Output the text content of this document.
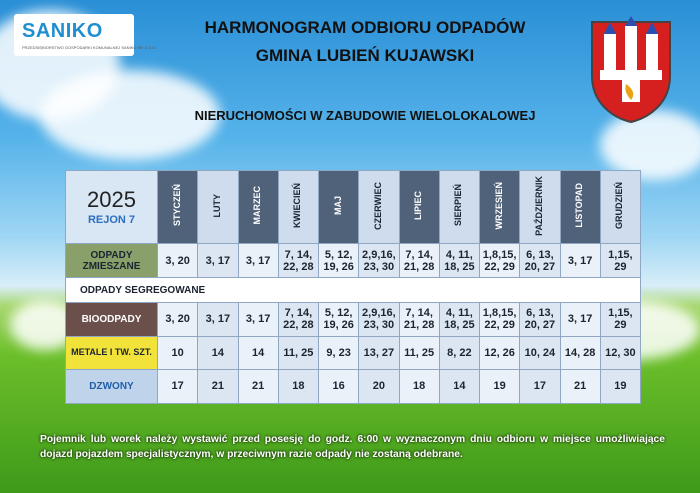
SANIKO
PRZEDSIĘBIORSTWO GOSPODARKI KOMUNALNEJ SANIKO SP. Z O.O.
HARMONOGRAM ODBIORU ODPADÓW
GMINA LUBIEŃ KUJAWSKI
NIERUCHOMOŚCI W ZABUDOWIE WIELOLOKALOWEJ
2025
REJON 7	STYCZEŃ	LUTY	MARZEC	KWIECIEŃ	MAJ	CZERWIEC	LIPIEC	SIERPIEŃ	WRZESIEŃ	PAŹDZIERNIK	LISTOPAD	GRUDZIEŃ
ODPADY ZMIESZANE	3, 20	3, 17	3, 17	7, 14, 22, 28	5, 12, 19, 26	2,9,16, 23, 30	7, 14, 21, 28	4, 11, 18, 25	1,8,15, 22, 29	6, 13, 20, 27	3, 17	1,15, 29
ODPADY SEGREGOWANE												
BIOODPADY	3, 20	3, 17	3, 17	7, 14, 22, 28	5, 12, 19, 26	2,9,16, 23, 30	7, 14, 21, 28	4, 11, 18, 25	1,8,15, 22, 29	6, 13, 20, 27	3, 17	1,15, 29
METALE I TW. SZT.	10	14	14	11, 25	9, 23	13, 27	11, 25	8, 22	12, 26	10, 24	14, 28	12, 30
DZWONY	17	21	21	18	16	20	18	14	19	17	21	19
Pojemnik lub worek należy wystawić przed posesję do godz. 6:00 w wyznaczonym dniu odbioru w miejsce umożliwiające dojazd pojazdem specjalistycznym, w przeciwnym razie odpady nie zostaną odebrane.
